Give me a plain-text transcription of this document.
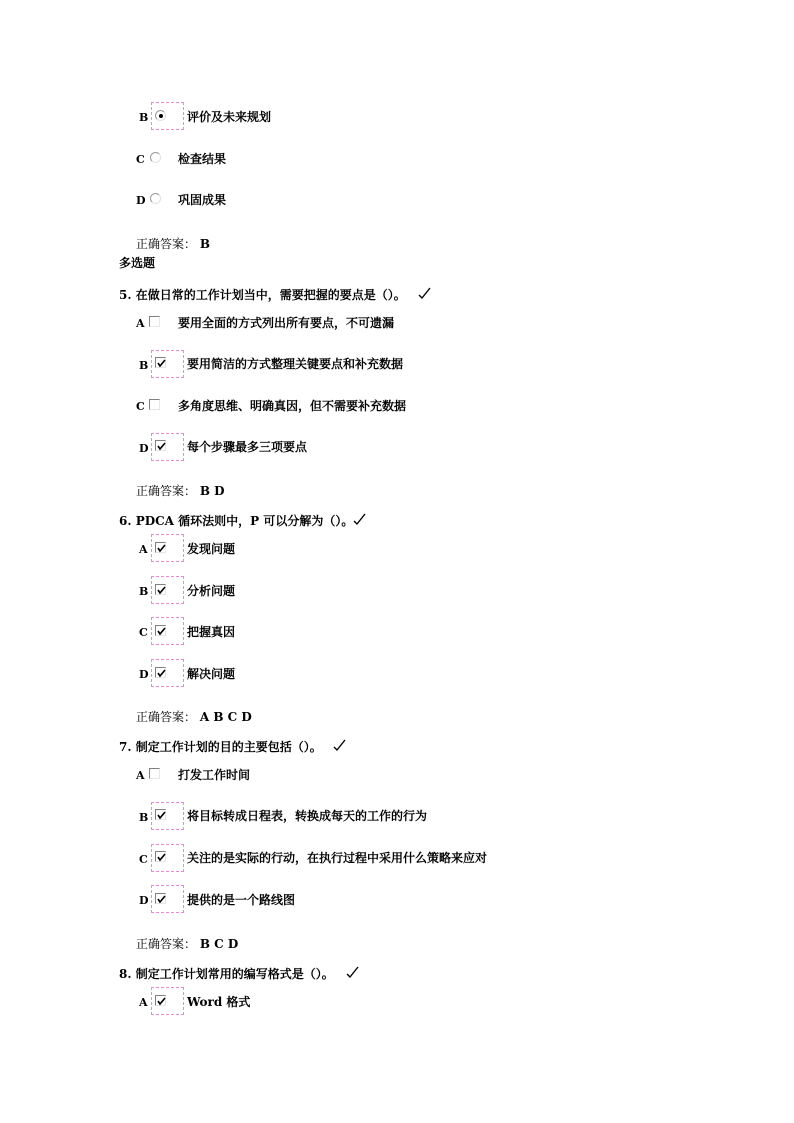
B	评价及未来规划
C	检查结果
D	巩固成果
正确答案： B
多选题
5. 在做日常的工作计划当中，需要把握的要点是（）。
A	要用全面的方式列出所有要点，不可遗漏
B	要用简洁的方式整理关键要点和补充数据
C	多角度思维、明确真因，但不需要补充数据
D	每个步骤最多三项要点
正确答案： B D
6. PDCA 循环法则中，P 可以分解为（）。
A	发现问题
B	分析问题
C	把握真因
D	解决问题
正确答案： A B C D
7. 制定工作计划的目的主要包括（）。
A	打发工作时间
B	将目标转成日程表，转换成每天的工作的行为
C	关注的是实际的行动，在执行过程中采用什么策略来应对
D	提供的是一个路线图
正确答案： B C D
8. 制定工作计划常用的编写格式是（）。
A	Word 格式
